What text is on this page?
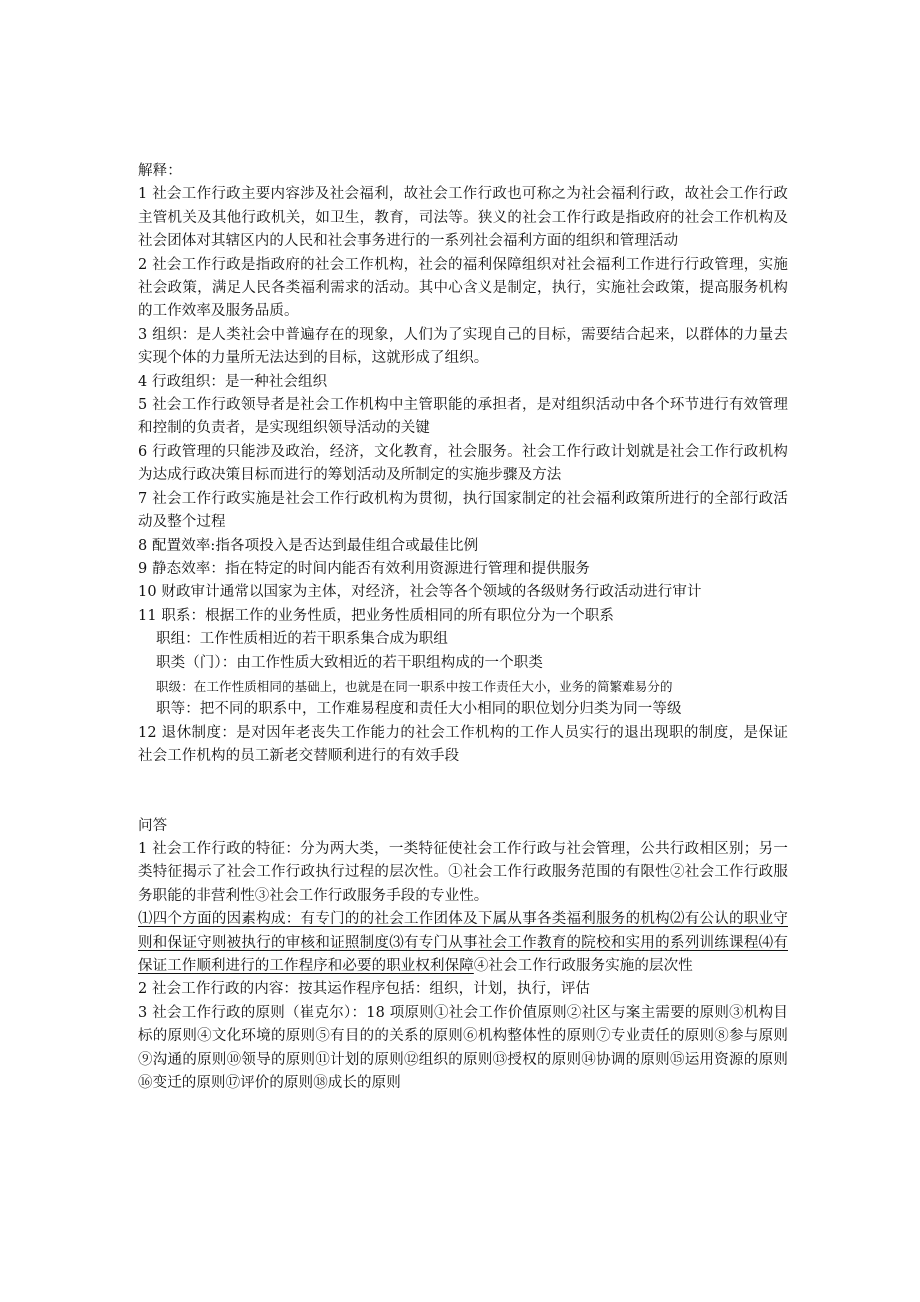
解释：

1 社会工作行政主要内容涉及社会福利，故社会工作行政也可称之为社会福利行政，故社会工作行政主管机关及其他行政机关，如卫生，教育，司法等。狭义的社会工作行政是指政府的社会工作机构及社会团体对其辖区内的人民和社会事务进行的一系列社会福利方面的组织和管理活动

2 社会工作行政是指政府的社会工作机构，社会的福利保障组织对社会福利工作进行行政管理，实施社会政策，满足人民各类福利需求的活动。其中心含义是制定，执行，实施社会政策，提高服务机构的工作效率及服务品质。

3 组织：是人类社会中普遍存在的现象，人们为了实现自己的目标，需要结合起来，以群体的力量去实现个体的力量所无法达到的目标，这就形成了组织。

4 行政组织：是一种社会组织

5 社会工作行政领导者是社会工作机构中主管职能的承担者，是对组织活动中各个环节进行有效管理和控制的负责者，是实现组织领导活动的关键

6 行政管理的只能涉及政治，经济，文化教育，社会服务。社会工作行政计划就是社会工作行政机构为达成行政决策目标而进行的筹划活动及所制定的实施步骤及方法

7 社会工作行政实施是社会工作行政机构为贯彻，执行国家制定的社会福利政策所进行的全部行政活动及整个过程

8 配置效率:指各项投入是否达到最佳组合或最佳比例

9 静态效率：指在特定的时间内能否有效利用资源进行管理和提供服务

10 财政审计通常以国家为主体，对经济，社会等各个领域的各级财务行政活动进行审计

11 职系：根据工作的业务性质，把业务性质相同的所有职位分为一个职系

职组：工作性质相近的若干职系集合成为职组

职类（门）：由工作性质大致相近的若干职组构成的一个职类

职级：在工作性质相同的基础上，也就是在同一职系中按工作责任大小，业务的简繁难易分的

职等：把不同的职系中，工作难易程度和责任大小相同的职位划分归类为同一等级

12 退休制度：是对因年老丧失工作能力的社会工作机构的工作人员实行的退出现职的制度，是保证社会工作机构的员工新老交替顺利进行的有效手段

问答

1 社会工作行政的特征：分为两大类，一类特征使社会工作行政与社会管理，公共行政相区别；另一类特征揭示了社会工作行政执行过程的层次性。①社会工作行政服务范围的有限性②社会工作行政服务职能的非营利性③社会工作行政服务手段的专业性。

⑴四个方面的因素构成：有专门的的社会工作团体及下属从事各类福利服务的机构⑵有公认的职业守则和保证守则被执行的审核和证照制度⑶有专门从事社会工作教育的院校和实用的系列训练课程⑷有保证工作顺利进行的工作程序和必要的职业权利保障④社会工作行政服务实施的层次性

2 社会工作行政的内容：按其运作程序包括：组织，计划，执行，评估

3 社会工作行政的原则（崔克尔）：18 项原则①社会工作价值原则②社区与案主需要的原则③机构目标的原则④文化环境的原则⑤有目的的关系的原则⑥机构整体性的原则⑦专业责任的原则⑧参与原则⑨沟通的原则⑩领导的原则⑪计划的原则⑫组织的原则⑬授权的原则⑭协调的原则⑮运用资源的原则⑯变迁的原则⑰评价的原则⑱成长的原则
